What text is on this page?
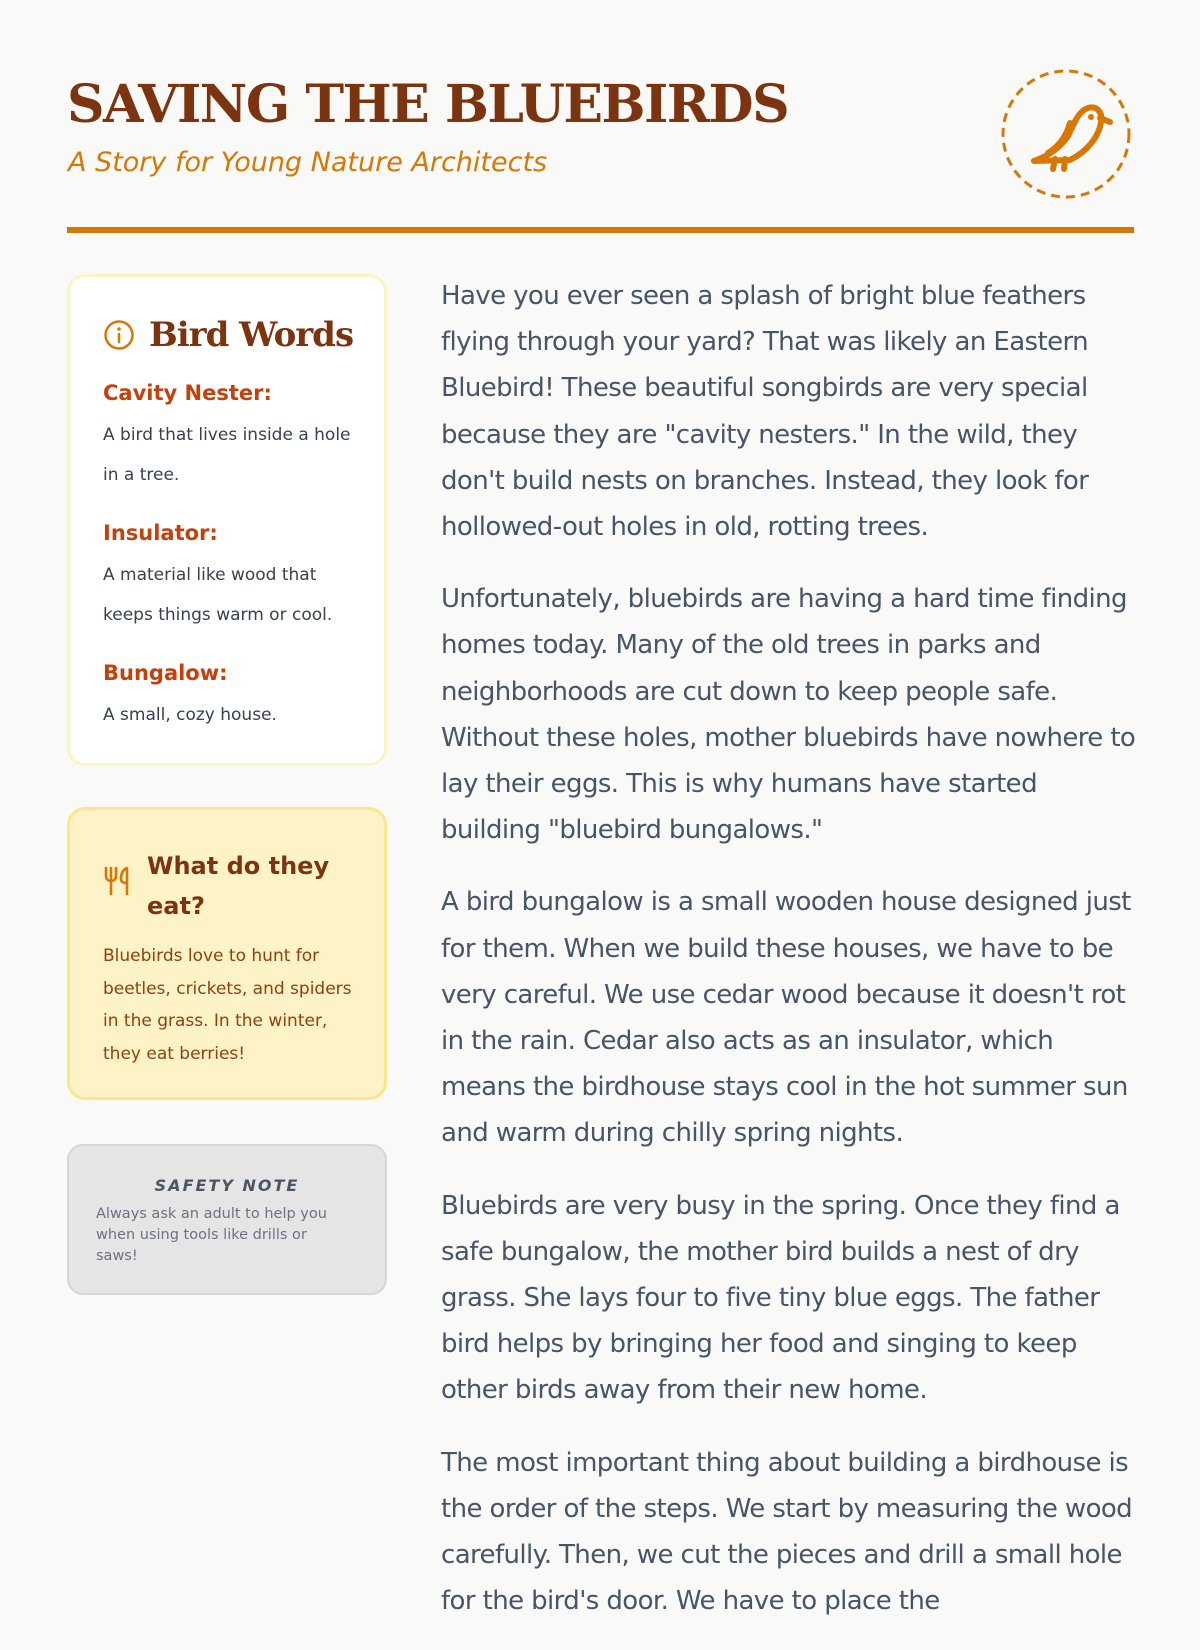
SAVING THE BLUEBIRDS

A Story for Young Nature Architects

Bird Words

Cavity Nester:

A bird that lives inside a hole in a tree.

Insulator:

A material like wood that keeps things warm or cool.

Bungalow:

A small, cozy house.

What do they eat?

Bluebirds love to hunt for beetles, crickets, and spiders in the grass. In the winter, they eat berries!

SAFETY NOTE

Always ask an adult to help you when using tools like drills or saws!

Have you ever seen a splash of bright blue feathers flying through your yard? That was likely an Eastern Bluebird! These beautiful songbirds are very special because they are "cavity nesters." In the wild, they don't build nests on branches. Instead, they look for hollowed-out holes in old, rotting trees.

Unfortunately, bluebirds are having a hard time finding homes today. Many of the old trees in parks and neighborhoods are cut down to keep people safe. Without these holes, mother bluebirds have nowhere to lay their eggs. This is why humans have started building "bluebird bungalows."

A bird bungalow is a small wooden house designed just for them. When we build these houses, we have to be very careful. We use cedar wood because it doesn't rot in the rain. Cedar also acts as an insulator, which means the birdhouse stays cool in the hot summer sun and warm during chilly spring nights.

Bluebirds are very busy in the spring. Once they find a safe bungalow, the mother bird builds a nest of dry grass. She lays four to five tiny blue eggs. The father bird helps by bringing her food and singing to keep other birds away from their new home.

The most important thing about building a birdhouse is the order of the steps. We start by measuring the wood carefully. Then, we cut the pieces and drill a small hole for the bird's door. We have to place the
